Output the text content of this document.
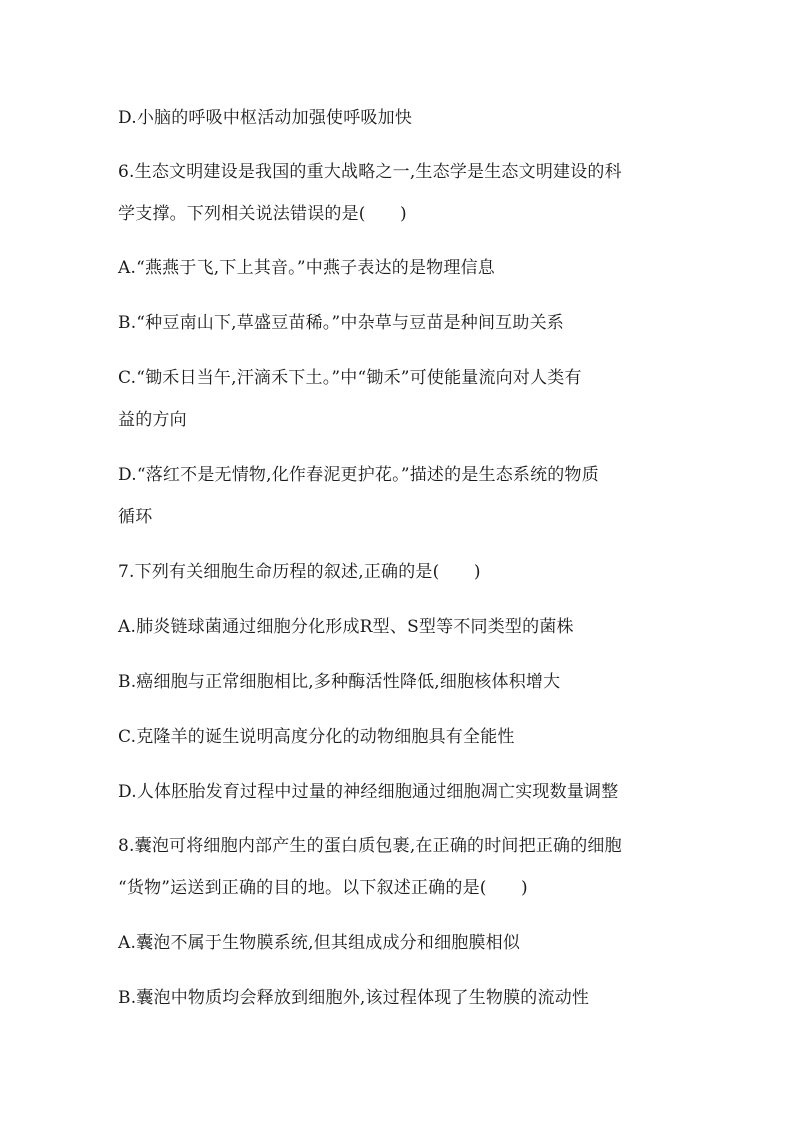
D.小脑的呼吸中枢活动加强使呼吸加快
6.生态文明建设是我国的重大战略之一,生态学是生态文明建设的科
学支撑。下列相关说法错误的是(　　)
A.“燕燕于飞,下上其音。”中燕子表达的是物理信息
B.“种豆南山下,草盛豆苗稀。”中杂草与豆苗是种间互助关系
C.“锄禾日当午,汗滴禾下土。”中“锄禾”可使能量流向对人类有
益的方向
D.“落红不是无情物,化作春泥更护花。”描述的是生态系统的物质
循环
7.下列有关细胞生命历程的叙述,正确的是(　　)
A.肺炎链球菌通过细胞分化形成R型、S型等不同类型的菌株
B.癌细胞与正常细胞相比,多种酶活性降低,细胞核体积增大
C.克隆羊的诞生说明高度分化的动物细胞具有全能性
D.人体胚胎发育过程中过量的神经细胞通过细胞凋亡实现数量调整
8.囊泡可将细胞内部产生的蛋白质包裹,在正确的时间把正确的细胞
“货物”运送到正确的目的地。以下叙述正确的是(　　)
A.囊泡不属于生物膜系统,但其组成成分和细胞膜相似
B.囊泡中物质均会释放到细胞外,该过程体现了生物膜的流动性
